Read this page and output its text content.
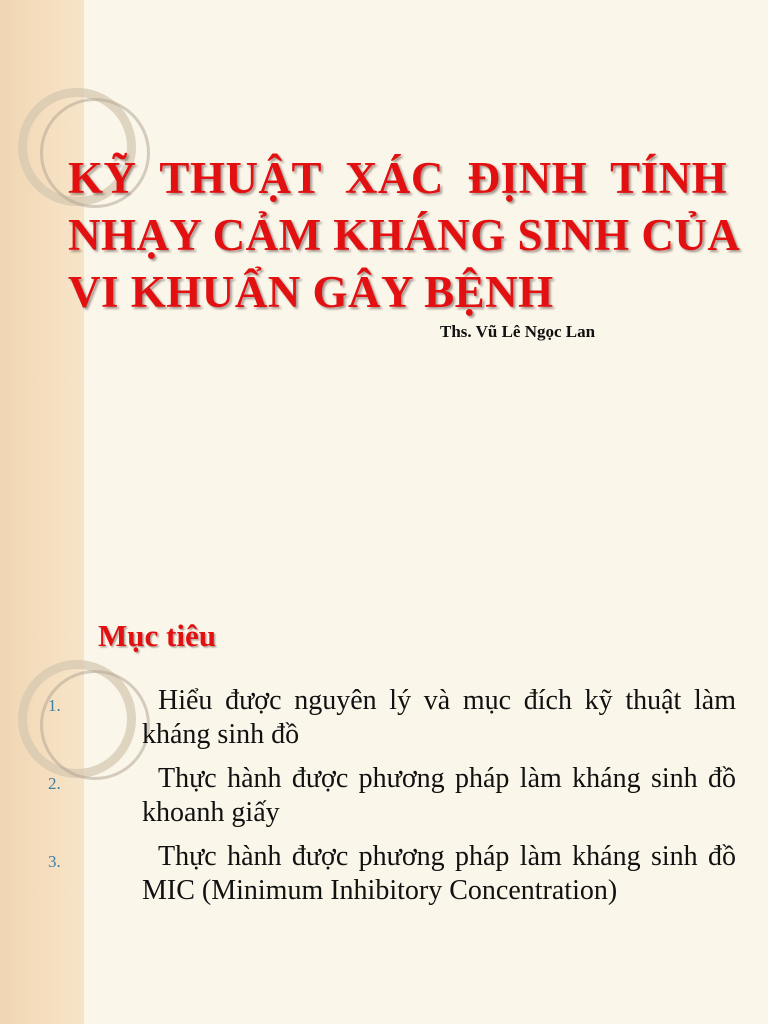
KỸ THUẬT XÁC ĐỊNH TÍNH
NHẠY CẢM KHÁNG SINH CỦA
VI KHUẨN GÂY BỆNH
Ths. Vũ Lê Ngọc Lan
Mục tiêu
1.	Hiểu được nguyên lý và mục đích kỹ thuật làm kháng sinh đồ
2.	Thực hành được phương pháp làm kháng sinh đồ khoanh giấy
3.	Thực hành được phương pháp làm kháng sinh đồ MIC (Minimum Inhibitory Concentration)
